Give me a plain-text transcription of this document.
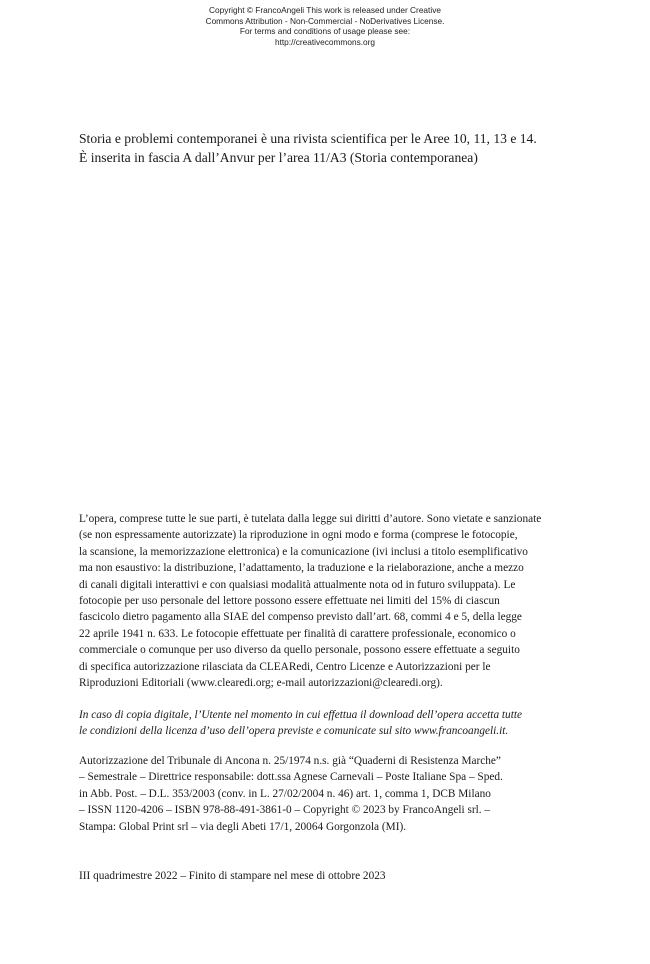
Copyright © FrancoAngeli This work is released under Creative
Commons Attribution - Non-Commercial - NoDerivatives License.
For terms and conditions of usage please see:
http://creativecommons.org
Storia e problemi contemporanei è una rivista scientifica per le Aree 10, 11, 13 e 14.
È inserita in fascia A dall’Anvur per l’area 11/A3 (Storia contemporanea)
L’opera, comprese tutte le sue parti, è tutelata dalla legge sui diritti d’autore. Sono vietate e sanzionate
(se non espressamente autorizzate) la riproduzione in ogni modo e forma (comprese le fotocopie,
la scansione, la memorizzazione elettronica) e la comunicazione (ivi inclusi a titolo esemplificativo
ma non esaustivo: la distribuzione, l’adattamento, la traduzione e la rielaborazione, anche a mezzo
di canali digitali interattivi e con qualsiasi modalità attualmente nota od in futuro sviluppata). Le
fotocopie per uso personale del lettore possono essere effettuate nei limiti del 15% di ciascun
fascicolo dietro pagamento alla SIAE del compenso previsto dall’art. 68, commi 4 e 5, della legge
22 aprile 1941 n. 633. Le fotocopie effettuate per finalità di carattere professionale, economico o
commerciale o comunque per uso diverso da quello personale, possono essere effettuate a seguito
di specifica autorizzazione rilasciata da CLEARedi, Centro Licenze e Autorizzazioni per le
Riproduzioni Editoriali (www.clearedi.org; e-mail autorizzazioni@clearedi.org).
In caso di copia digitale, l’Utente nel momento in cui effettua il download dell’opera accetta tutte
le condizioni della licenza d’uso dell’opera previste e comunicate sul sito www.francoangeli.it.
Autorizzazione del Tribunale di Ancona n. 25/1974 n.s. già “Quaderni di Resistenza Marche”
– Semestrale – Direttrice responsabile: dott.ssa Agnese Carnevali – Poste Italiane Spa – Sped.
in Abb. Post. – D.L. 353/2003 (conv. in L. 27/02/2004 n. 46) art. 1, comma 1, DCB Milano
– ISSN 1120-4206 – ISBN 978-88-491-3861-0 – Copyright © 2023 by FrancoAngeli srl. –
Stampa: Global Print srl – via degli Abeti 17/1, 20064 Gorgonzola (MI).
III quadrimestre 2022 – Finito di stampare nel mese di ottobre 2023
